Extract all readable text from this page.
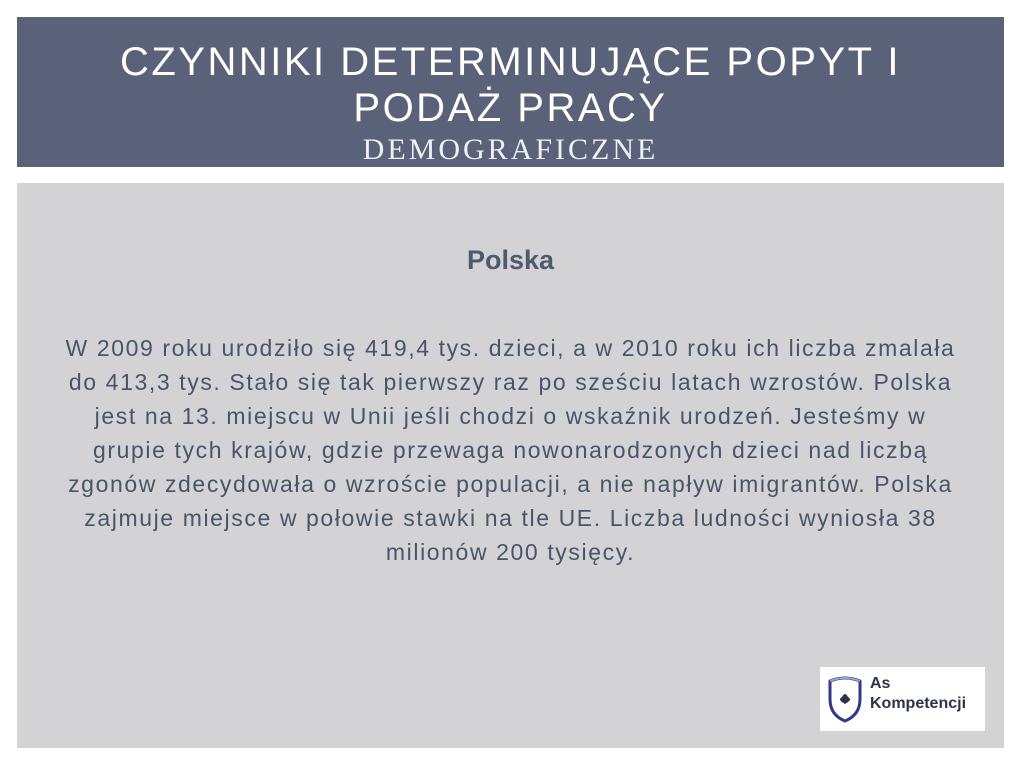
CZYNNIKI DETERMINUJĄCE POPYT I
PODAŻ PRACY
DEMOGRAFICZNE
Polska
W 2009 roku urodziło się 419,4 tys. dzieci, a w 2010 roku ich liczba zmalała do 413,3 tys. Stało się tak pierwszy raz po sześciu latach wzrostów. Polska jest na 13. miejscu w Unii jeśli chodzi o wskaźnik urodzeń. Jesteśmy w grupie tych krajów, gdzie przewaga nowonarodzonych dzieci nad liczbą zgonów zdecydowała o wzroście populacji, a nie napływ imigrantów. Polska zajmuje miejsce w połowie stawki na tle UE. Liczba ludności wyniosła 38 milionów 200 tysięcy.
As
Kompetencji
